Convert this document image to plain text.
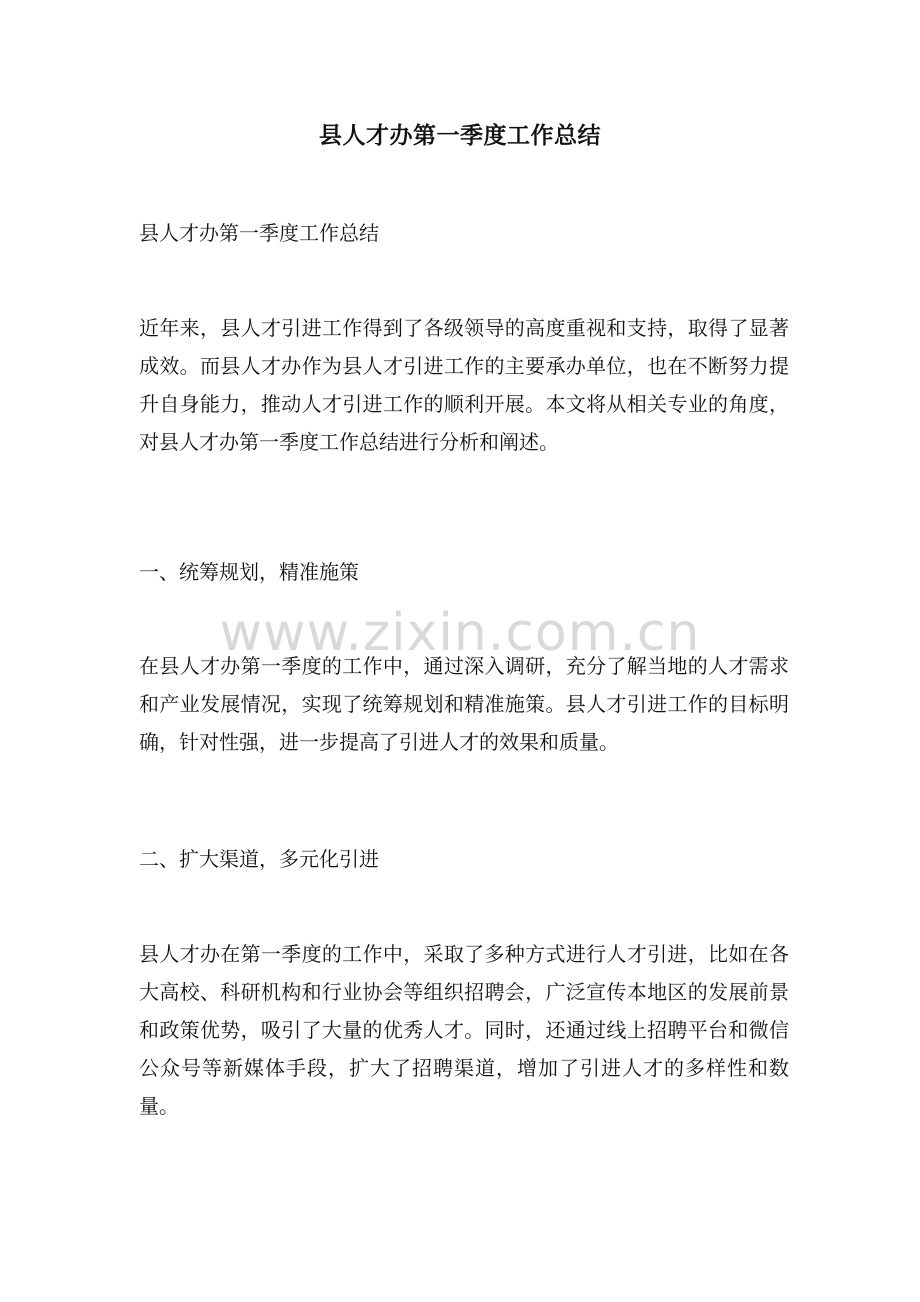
县人才办第一季度工作总结
县人才办第一季度工作总结
近年来，县人才引进工作得到了各级领导的高度重视和支持，取得了显著成效。而县人才办作为县人才引进工作的主要承办单位，也在不断努力提升自身能力，推动人才引进工作的顺利开展。本文将从相关专业的角度，对县人才办第一季度工作总结进行分析和阐述。
一、统筹规划，精准施策
在县人才办第一季度的工作中，通过深入调研，充分了解当地的人才需求和产业发展情况，实现了统筹规划和精准施策。县人才引进工作的目标明确，针对性强，进一步提高了引进人才的效果和质量。
二、扩大渠道，多元化引进
县人才办在第一季度的工作中，采取了多种方式进行人才引进，比如在各大高校、科研机构和行业协会等组织招聘会，广泛宣传本地区的发展前景和政策优势，吸引了大量的优秀人才。同时，还通过线上招聘平台和微信公众号等新媒体手段，扩大了招聘渠道，增加了引进人才的多样性和数量。
www.zixin.com.cn
